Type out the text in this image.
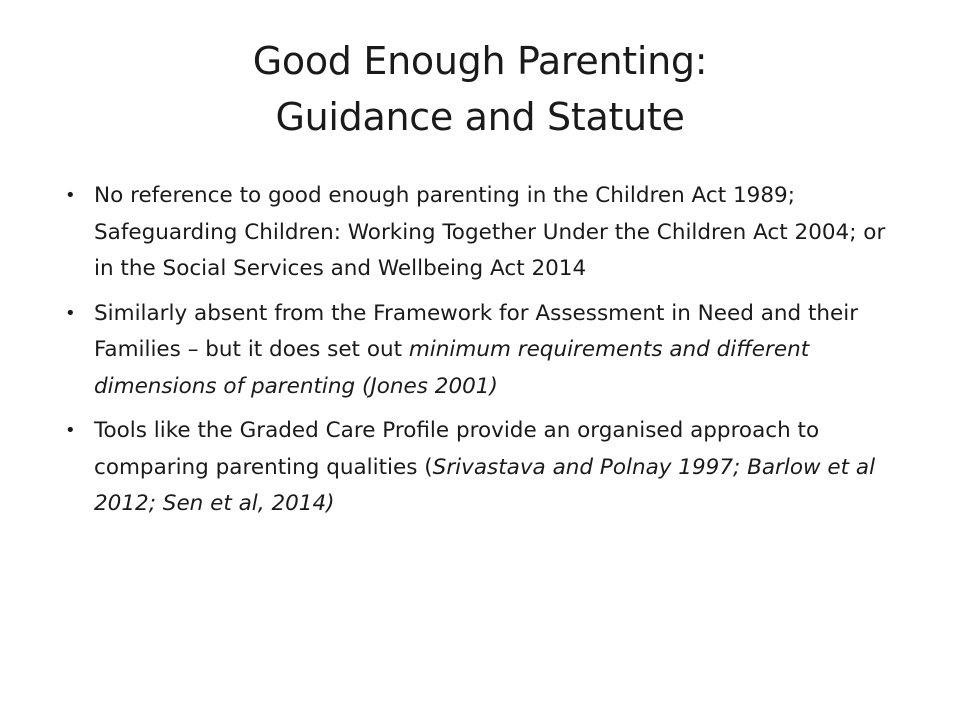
Good Enough Parenting:
Guidance and Statute
• No reference to good enough parenting in the Children Act 1989; Safeguarding Children: Working Together Under the Children Act 2004; or in the Social Services and Wellbeing Act 2014
• Similarly absent from the Framework for Assessment in Need and their Families – but it does set out minimum requirements and different dimensions of parenting (Jones 2001)
• Tools like the Graded Care Profile provide an organised approach to comparing parenting qualities (Srivastava and Polnay 1997; Barlow et al 2012; Sen et al, 2014)
